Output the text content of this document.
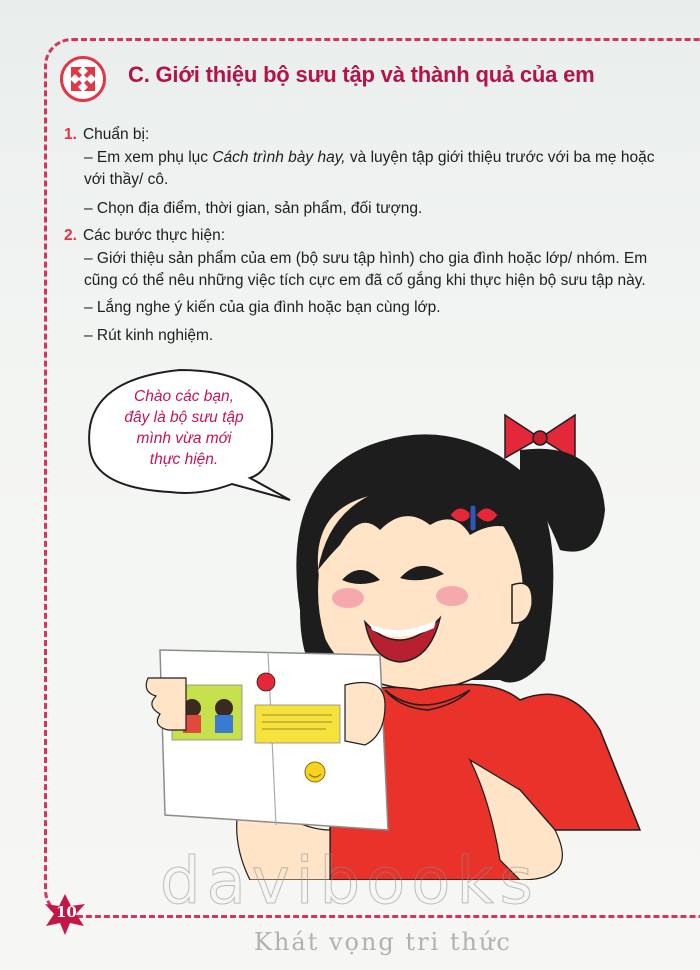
C. Giới thiệu bộ sưu tập và thành quả của em
1. Chuẩn bị:
– Em xem phụ lục Cách trình bày hay, và luyện tập giới thiệu trước với ba mẹ hoặc
với thầy/ cô.
– Chọn địa điểm, thời gian, sản phẩm, đối tượng.
2. Các bước thực hiện:
– Giới thiệu sản phẩm của em (bộ sưu tập hình) cho gia đình hoặc lớp/ nhóm. Em
cũng có thể nêu những việc tích cực em đã cố gắng khi thực hiện bộ sưu tập này.
– Lắng nghe ý kiến của gia đình hoặc bạn cùng lớp.
– Rút kinh nghiệm.
Chào các bạn,
đây là bộ sưu tập
mình vừa mới
thực hiện.
10 davibooks
Khát vọng tri thức
